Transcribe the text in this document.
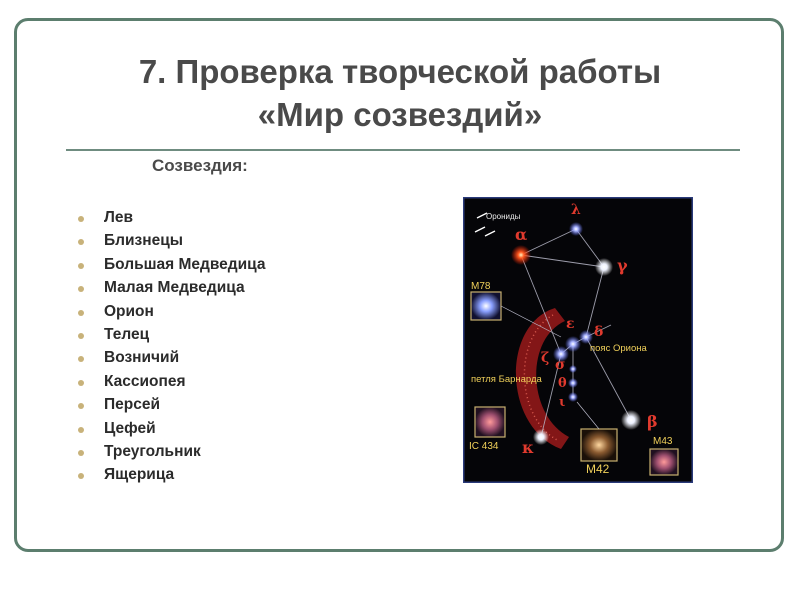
7. Проверка творческой работы
«Мир созвездий»
Созвездия:
Лев
Близнецы
Большая Медведица
Малая Медведица
Орион
Телец
Возничий
Кассиопея
Персей
Цефей
Треугольник
Ящерица
Орониды	λ
α
γ
ε δ
ζ σ
θ
ι
κ
β
пояс Ориона
петля Барнарда
M78
IC 434
M42
M43
